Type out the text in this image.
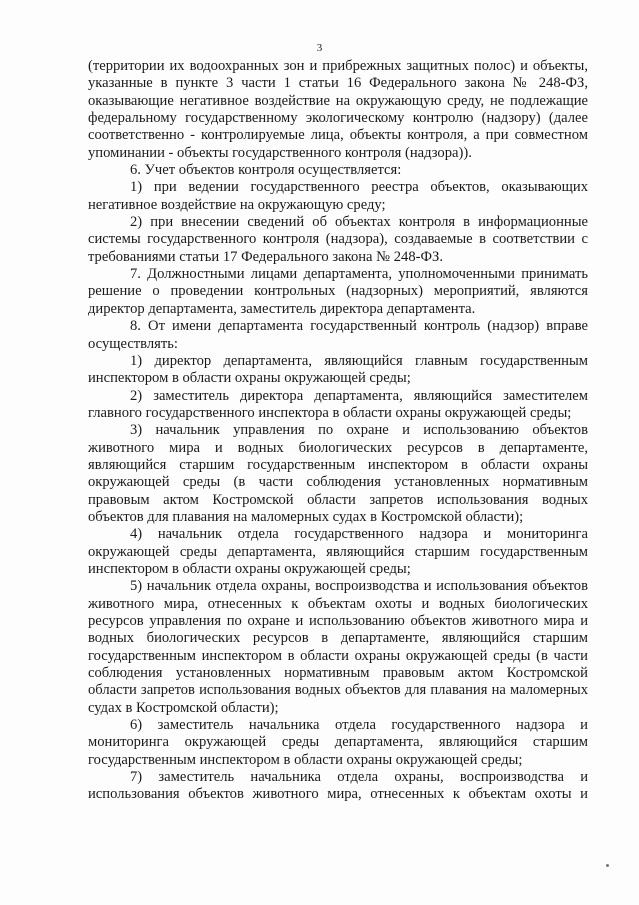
3

(территории их водоохранных зон и прибрежных защитных полос) и объекты, указанные в пункте 3 части 1 статьи 16 Федерального закона № 248-ФЗ, оказывающие негативное воздействие на окружающую среду, не подлежащие федеральному государственному экологическому контролю (надзору) (далее соответственно - контролируемые лица, объекты контроля, а при совместном упоминании - объекты государственного контроля (надзора)).

6. Учет объектов контроля осуществляется:

1) при ведении государственного реестра объектов, оказывающих негативное воздействие на окружающую среду;

2) при внесении сведений об объектах контроля в информационные системы государственного контроля (надзора), создаваемые в соответствии с требованиями статьи 17 Федерального закона № 248-ФЗ.

7. Должностными лицами департамента, уполномоченными принимать решение о проведении контрольных (надзорных) мероприятий, являются директор департамента, заместитель директора департамента.

8. От имени департамента государственный контроль (надзор) вправе осуществлять:

1) директор департамента, являющийся главным государственным инспектором в области охраны окружающей среды;

2) заместитель директора департамента, являющийся заместителем главного государственного инспектора в области охраны окружающей среды;

3) начальник управления по охране и использованию объектов животного мира и водных биологических ресурсов в департаменте, являющийся старшим государственным инспектором в области охраны окружающей среды (в части соблюдения установленных нормативным правовым актом Костромской области запретов использования водных объектов для плавания на маломерных судах в Костромской области);

4) начальник отдела государственного надзора и мониторинга окружающей среды департамента, являющийся старшим государственным инспектором в области охраны окружающей среды;

5) начальник отдела охраны, воспроизводства и использования объектов животного мира, отнесенных к объектам охоты и водных биологических ресурсов управления по охране и использованию объектов животного мира и водных биологических ресурсов в департаменте, являющийся старшим государственным инспектором в области охраны окружающей среды (в части соблюдения установленных нормативным правовым актом Костромской области запретов использования водных объектов для плавания на маломерных судах в Костромской области);

6) заместитель начальника отдела государственного надзора и мониторинга окружающей среды департамента, являющийся старшим государственным инспектором в области охраны окружающей среды;

7) заместитель начальника отдела охраны, воспроизводства и использования объектов животного мира, отнесенных к объектам охоты и
